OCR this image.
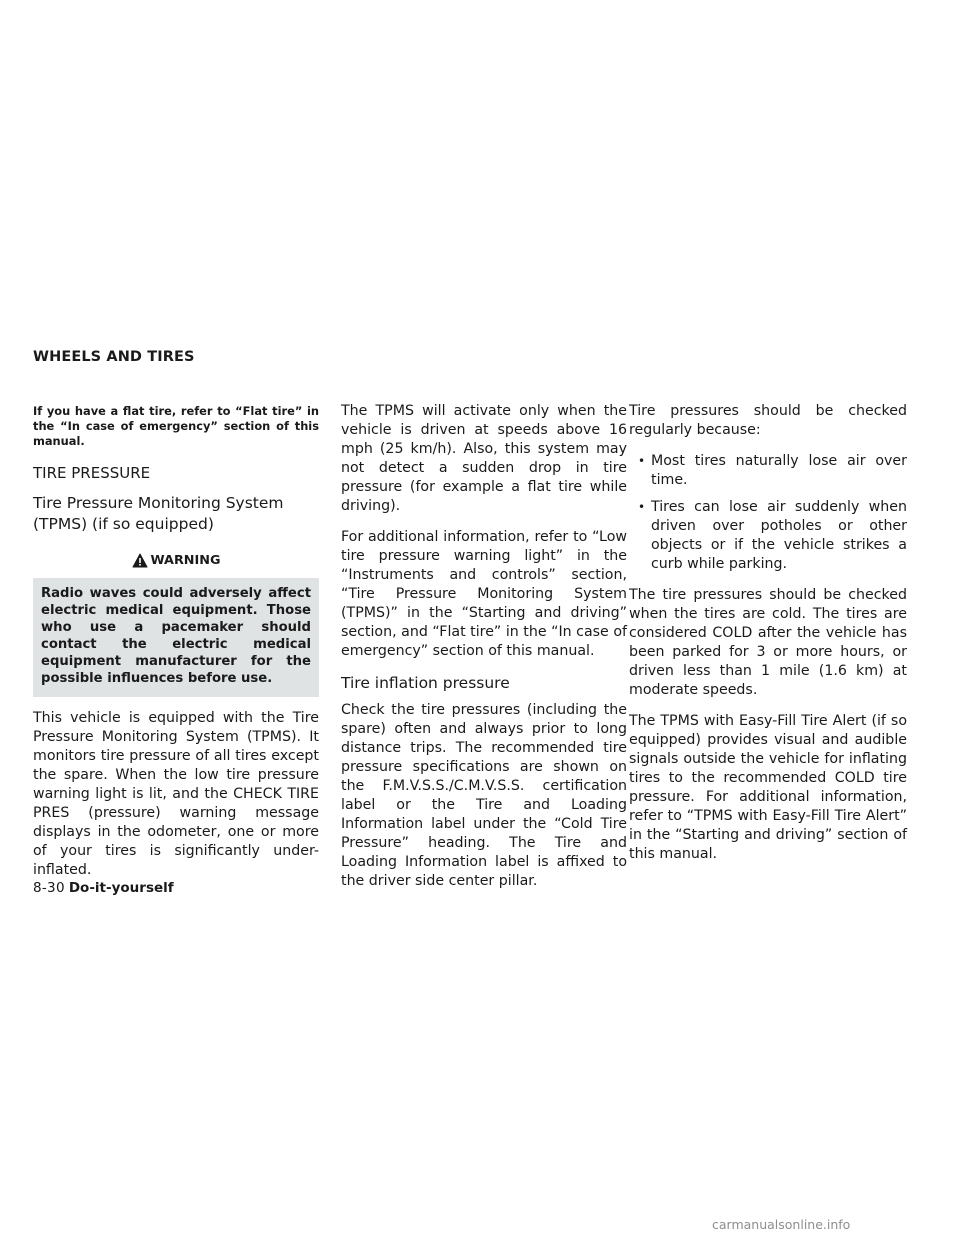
WHEELS AND TIRES

If you have a flat tire, refer to “Flat tire” in the “In case of emergency” section of this manual.

TIRE PRESSURE
Tire Pressure Monitoring System (TPMS) (if so equipped)
WARNING
Radio waves could adversely affect electric medical equipment. Those who use a pacemaker should contact the electric medical equipment manufacturer for the possible influences before use.

This vehicle is equipped with the Tire Pressure Monitoring System (TPMS). It monitors tire pressure of all tires except the spare. When the low tire pressure warning light is lit, and the CHECK TIRE PRES (pressure) warning message displays in the odometer, one or more of your tires is significantly under-inflated.

The TPMS will activate only when the vehicle is driven at speeds above 16 mph (25 km/h). Also, this system may not detect a sudden drop in tire pressure (for example a flat tire while driving).

For additional information, refer to “Low tire pressure warning light” in the “Instruments and controls” section, “Tire Pressure Monitoring System (TPMS)” in the “Starting and driving” section, and “Flat tire” in the “In case of emergency” section of this manual.

Tire inflation pressure

Check the tire pressures (including the spare) often and always prior to long distance trips. The recommended tire pressure specifications are shown on the F.M.V.S.S./C.M.V.S.S. certification label or the Tire and Loading Information label under the “Cold Tire Pressure” heading. The Tire and Loading Information label is affixed to the driver side center pillar.

Tire pressures should be checked regularly because:

• Most tires naturally lose air over time.
• Tires can lose air suddenly when driven over potholes or other objects or if the vehicle strikes a curb while parking.

The tire pressures should be checked when the tires are cold. The tires are considered COLD after the vehicle has been parked for 3 or more hours, or driven less than 1 mile (1.6 km) at moderate speeds.

The TPMS with Easy-Fill Tire Alert (if so equipped) provides visual and audible signals outside the vehicle for inflating tires to the recommended COLD tire pressure. For additional information, refer to “TPMS with Easy-Fill Tire Alert” in the “Starting and driving” section of this manual.

8-30 Do-it-yourself
carmanualsonline.info
